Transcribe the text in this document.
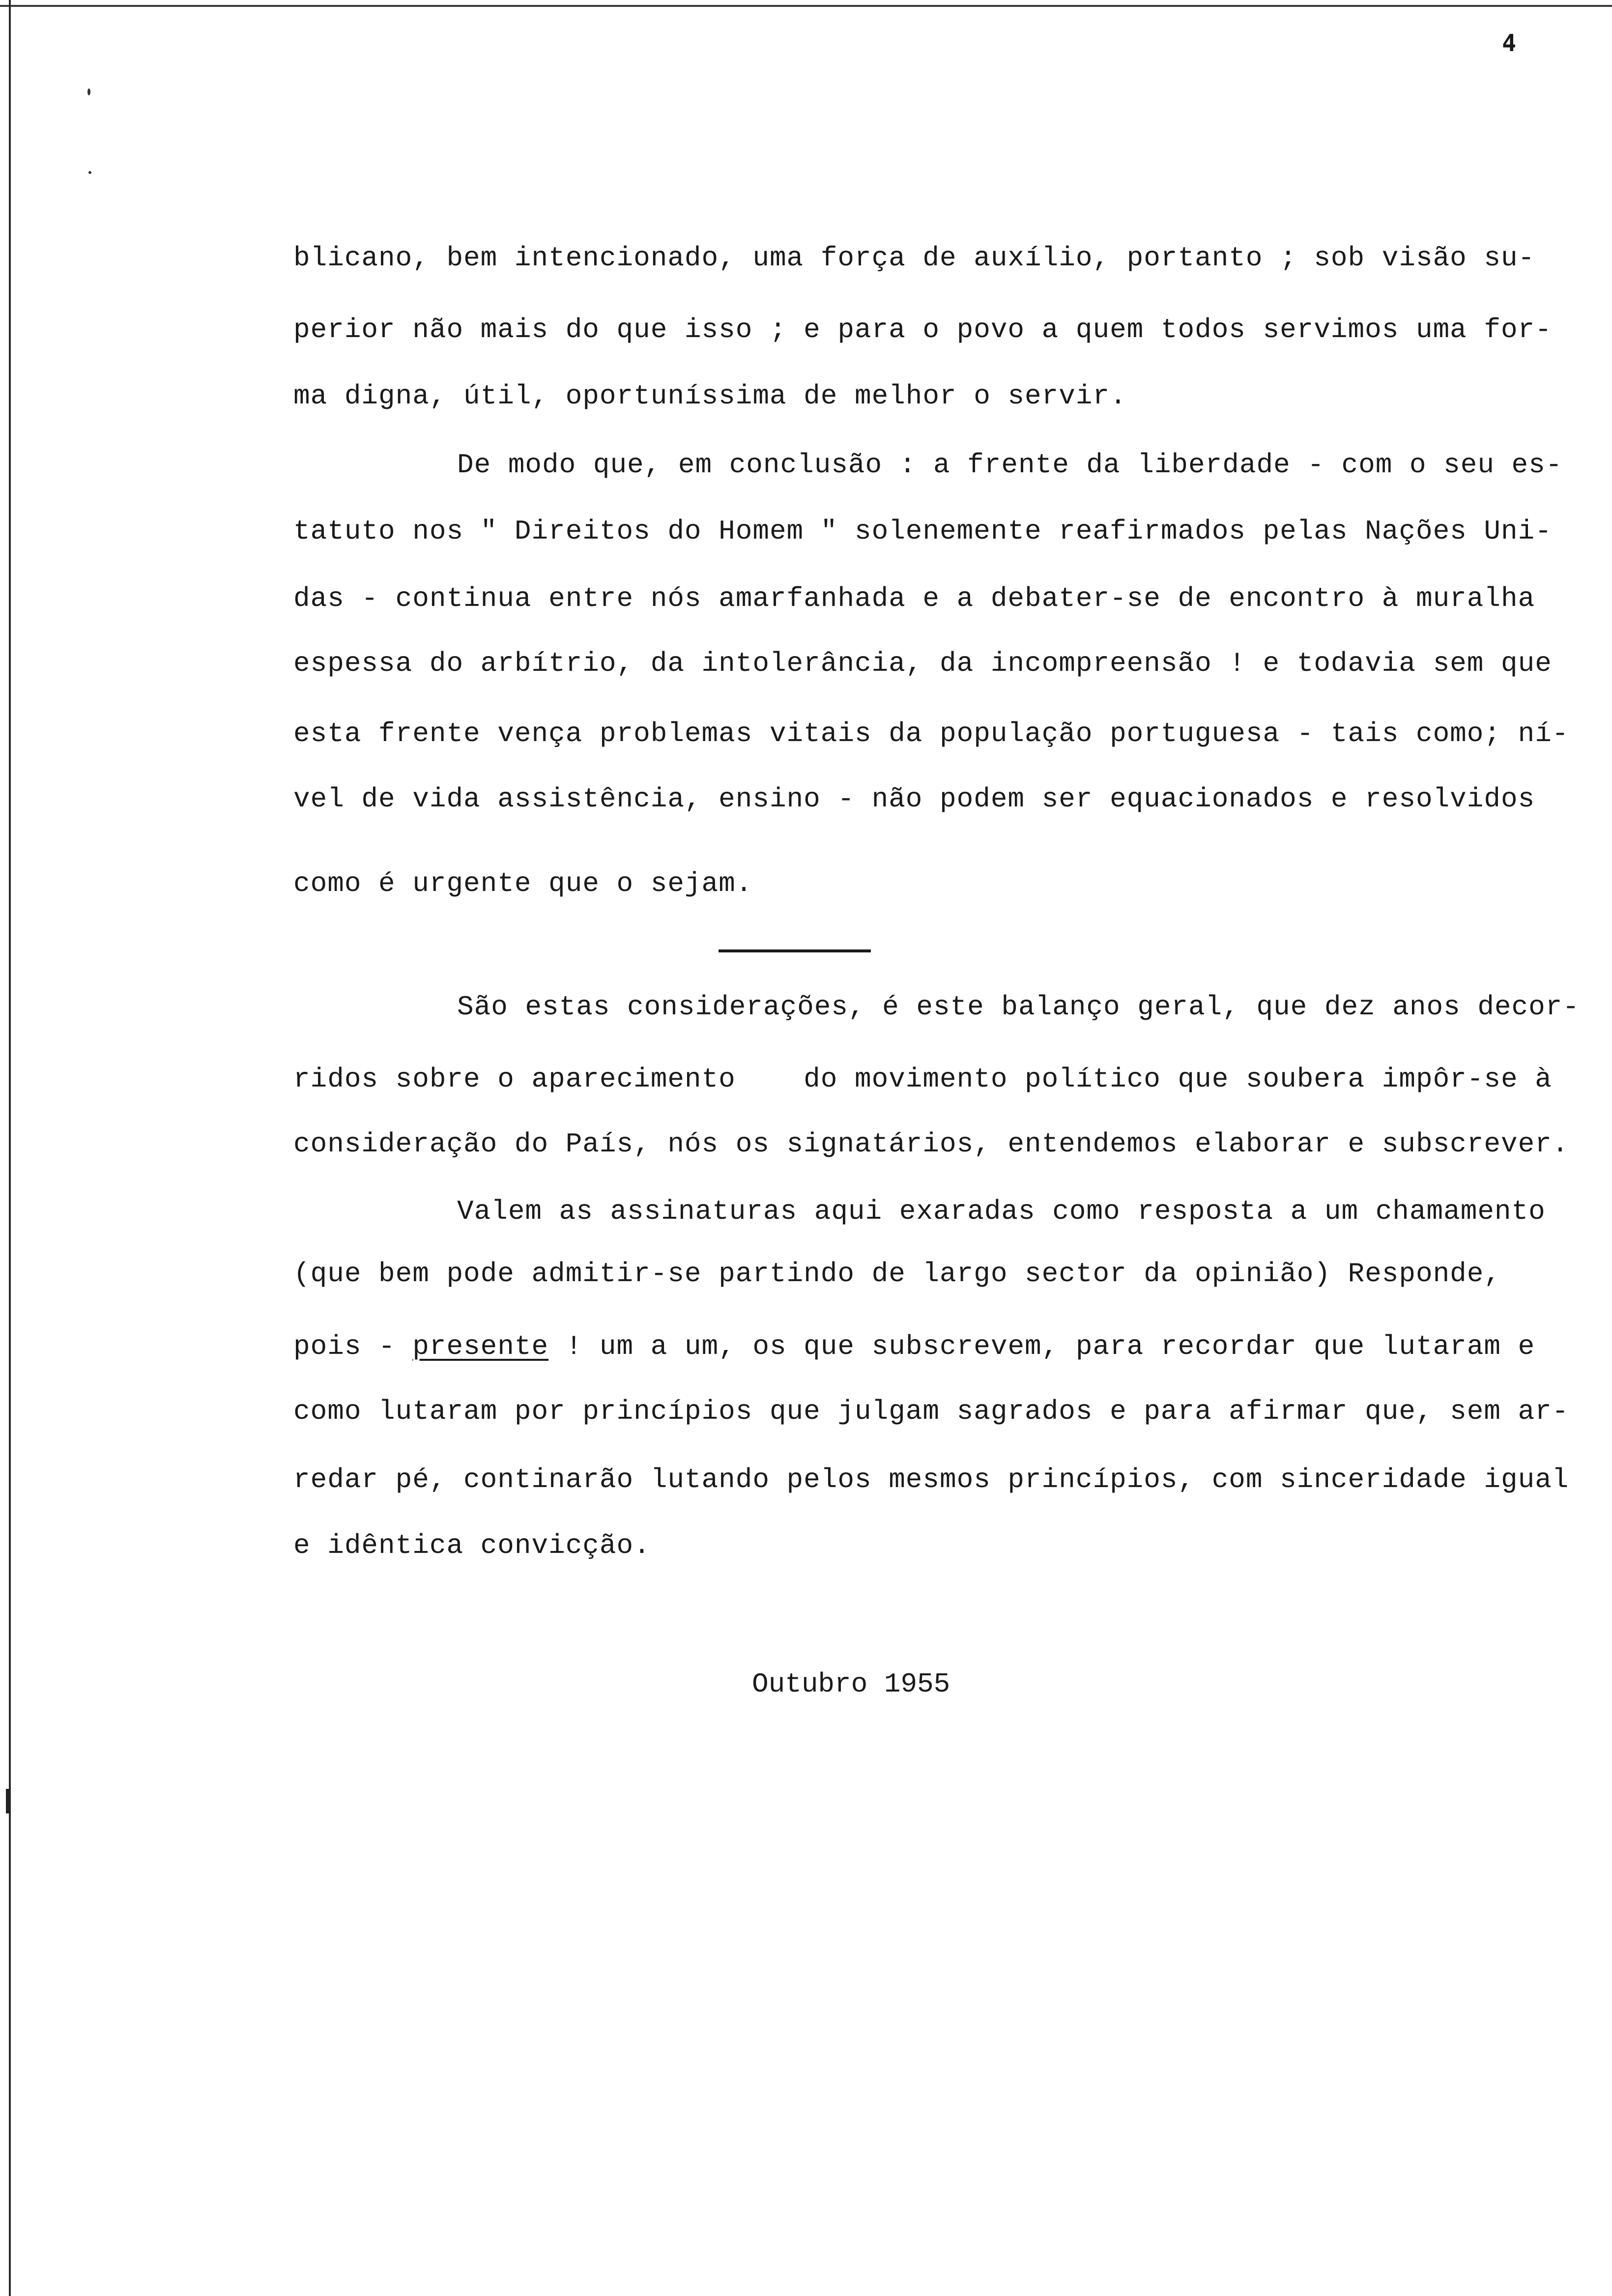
4
blicano, bem intencionado, uma força de auxílio, portanto ; sob visão su-
perior não mais do que isso ; e para o povo a quem todos servimos uma for-
ma digna, útil, oportuníssima de melhor o servir.
De modo que, em conclusão : a frente da liberdade - com o seu es-
tatuto nos " Direitos do Homem " solenemente reafirmados pelas Nações Uni-
das - continua entre nós amarfanhada e a debater-se de encontro à muralha
espessa do arbítrio, da intolerância, da incompreensão ! e todavia sem que
esta frente vença problemas vitais da população portuguesa - tais como; ní-
vel de vida assistência, ensino - não podem ser equacionados e resolvidos
como é urgente que o sejam.
São estas considerações, é este balanço geral, que dez anos decor-
ridos sobre o aparecimento    do movimento político que soubera impôr-se à
consideração do País, nós os signatários, entendemos elaborar e subscrever.
Valem as assinaturas aqui exaradas como resposta a um chamamento
(que bem pode admitir-se partindo de largo sector da opinião) Responde,
pois - presente ! um a um, os que subscrevem, para recordar que lutaram e
como lutaram por princípios que julgam sagrados e para afirmar que, sem ar-
redar pé, continarão lutando pelos mesmos princípios, com sinceridade igual
e idêntica convicção.
Outubro 1955
